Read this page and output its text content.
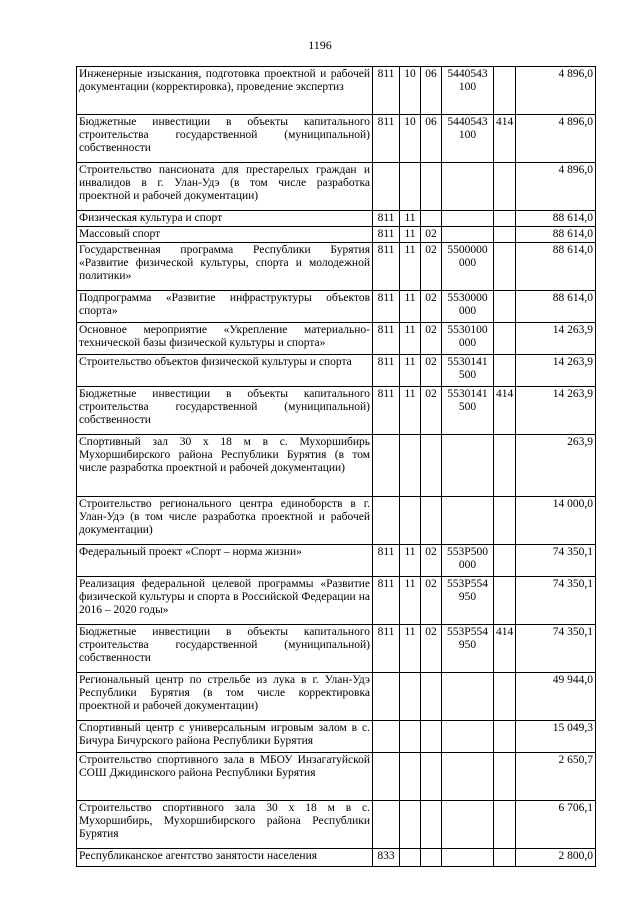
1196
Инженерные изыскания, подготовка проектной и рабочей документации (корректировка), проведение экспертиз	811	10	06	5440543 100		4 896,0
Бюджетные инвестиции в объекты капитального строительства государственной (муниципальной) собственности	811	10	06	5440543 100	414	4 896,0
Строительство пансионата для престарелых граждан и инвалидов в г. Улан-Удэ (в том числе разработка проектной и рабочей документации)						4 896,0
Физическая культура и спорт	811	11				88 614,0
Массовый спорт	811	11	02			88 614,0
Государственная программа Республики Бурятия «Развитие физической культуры, спорта и молодежной политики»	811	11	02	5500000 000		88 614,0
Подпрограмма «Развитие инфраструктуры объектов спорта»	811	11	02	5530000 000		88 614,0
Основное мероприятие «Укрепление материально-технической базы физической культуры и спорта»	811	11	02	5530100 000		14 263,9
Строительство объектов физической культуры и спорта	811	11	02	5530141 500		14 263,9
Бюджетные инвестиции в объекты капитального строительства государственной (муниципальной) собственности	811	11	02	5530141 500	414	14 263,9
Спортивный зал 30 х 18 м в с. Мухоршибирь Мухоршибирского района Республики Бурятия (в том числе разработка проектной и рабочей документации)						263,9
Строительство регионального центра единоборств в г. Улан-Удэ (в том числе разработка проектной и рабочей документации)						14 000,0
Федеральный проект «Спорт – норма жизни»	811	11	02	553P500 000		74 350,1
Реализация федеральной целевой программы «Развитие физической культуры и спорта в Российской Федерации на 2016 – 2020 годы»	811	11	02	553P554 950		74 350,1
Бюджетные инвестиции в объекты капитального строительства государственной (муниципальной) собственности	811	11	02	553P554 950	414	74 350,1
Региональный центр по стрельбе из лука в г. Улан-Удэ Республики Бурятия (в том числе корректировка проектной и рабочей документации)						49 944,0
Спортивный центр с универсальным игровым залом в с. Бичура Бичурского района Республики Бурятия						15 049,3
Строительство спортивного зала в МБОУ Инзагатуйской СОШ Джидинского района Республики Бурятия						2 650,7
Строительство спортивного зала 30 х 18 м в с. Мухоршибирь, Мухоршибирского района Республики Бурятия						6 706,1
Республиканское агентство занятости населения	833					2 800,0
